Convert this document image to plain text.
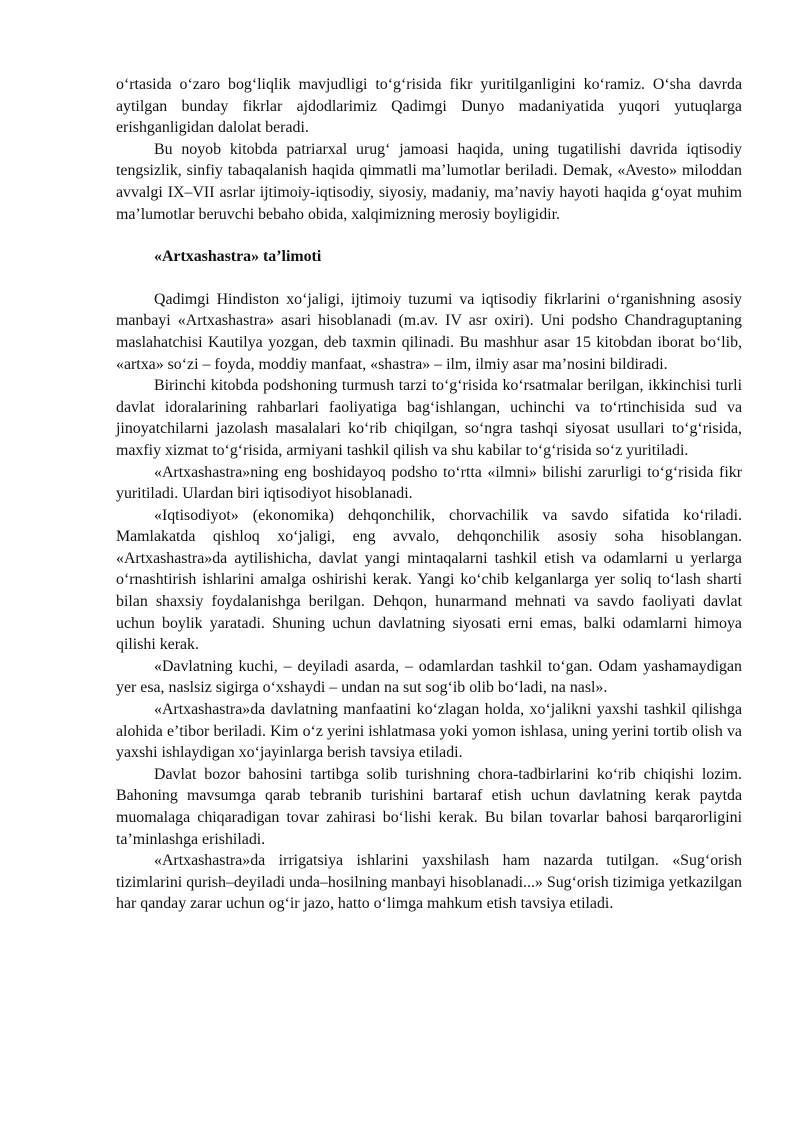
oʻrtasida oʻzaro bogʻliqlik mavjudligi toʻgʻrisida fikr yuritilganligini koʻramiz. Oʻsha davrda aytilgan bunday fikrlar ajdodlarimiz Qadimgi Dunyo madaniyatida yuqori yutuqlarga erishganligidan dalolat beradi.

Bu noyob kitobda patriarxal urugʻ jamoasi haqida, uning tugatilishi davrida iqtisodiy tengsizlik, sinfiy tabaqalanish haqida qimmatli maʼlumotlar beriladi. Demak, «Avesto» miloddan avvalgi IX–VII asrlar ijtimoiy-iqtisodiy, siyosiy, madaniy, maʼnaviy hayoti haqida gʻoyat muhim maʼlumotlar beruvchi bebaho obida, xalqimizning merosiy boyligidir.

«Artxashastra» taʼlimoti

Qadimgi Hindiston xoʻjaligi, ijtimoiy tuzumi va iqtisodiy fikrlarini oʻrganishning asosiy manbayi «Artxashastra» asari hisoblanadi (m.av. IV asr oxiri). Uni podsho Chandraguptaning maslahatchisi Kautilya yozgan, deb taxmin qilinadi. Bu mashhur asar 15 kitobdan iborat boʻlib, «artxa» soʻzi – foyda, moddiy manfaat, «shastra» – ilm, ilmiy asar maʼnosini bildiradi.

Birinchi kitobda podshoning turmush tarzi toʻgʻrisida koʻrsatmalar berilgan, ikkinchisi turli davlat idoralarining rahbarlari faoliyatiga bagʻishlangan, uchinchi va toʻrtinchisida sud va jinoyatchilarni jazolash masalalari koʻrib chiqilgan, soʻngra tashqi siyosat usullari toʻgʻrisida, maxfiy xizmat toʻgʻrisida, armiyani tashkil qilish va shu kabilar toʻgʻrisida soʻz yuritiladi.

«Artxashastra»ning eng boshidayoq podsho toʻrtta «ilmni» bilishi zarurligi toʻgʻrisida fikr yuritiladi. Ulardan biri iqtisodiyot hisoblanadi.

«Iqtisodiyot» (ekonomika) dehqonchilik, chorvachilik va savdo sifatida koʻriladi. Mamlakatda qishloq xoʻjaligi, eng avvalo, dehqonchilik asosiy soha hisoblangan. «Artxashastra»da aytilishicha, davlat yangi mintaqalarni tashkil etish va odamlarni u yerlarga oʻrnashtirish ishlarini amalga oshirishi kerak. Yangi koʻchib kelganlarga yer soliq toʻlash sharti bilan shaxsiy foydalanishga berilgan. Dehqon, hunarmand mehnati va savdo faoliyati davlat uchun boylik yaratadi. Shuning uchun davlatning siyosati erni emas, balki odamlarni himoya qilishi kerak.

«Davlatning kuchi, – deyiladi asarda, – odamlardan tashkil toʻgan. Odam yashamaydigan yer esa, naslsiz sigirga oʻxshaydi – undan na sut sogʻib olib boʻladi, na nasl».

«Artxashastra»da davlatning manfaatini koʻzlagan holda, xoʻjalikni yaxshi tashkil qilishga alohida eʼtibor beriladi. Kim oʻz yerini ishlatmasa yoki yomon ishlasa, uning yerini tortib olish va yaxshi ishlaydigan xoʻjayinlarga berish tavsiya etiladi.

Davlat bozor bahosini tartibga solib turishning chora-tadbirlarini koʻrib chiqishi lozim. Bahoning mavsumga qarab tebranib turishini bartaraf etish uchun davlatning kerak paytda muomalaga chiqaradigan tovar zahirasi boʻlishi kerak. Bu bilan tovarlar bahosi barqarorligini taʼminlashga erishiladi.

«Artxashastra»da irrigatsiya ishlarini yaxshilash ham nazarda tutilgan. «Sugʻorish tizimlarini qurish–deyiladi unda–hosilning manbayi hisoblanadi...» Sugʻorish tizimiga yetkazilgan har qanday zarar uchun ogʻir jazo, hatto oʻlimga mahkum etish tavsiya etiladi.
